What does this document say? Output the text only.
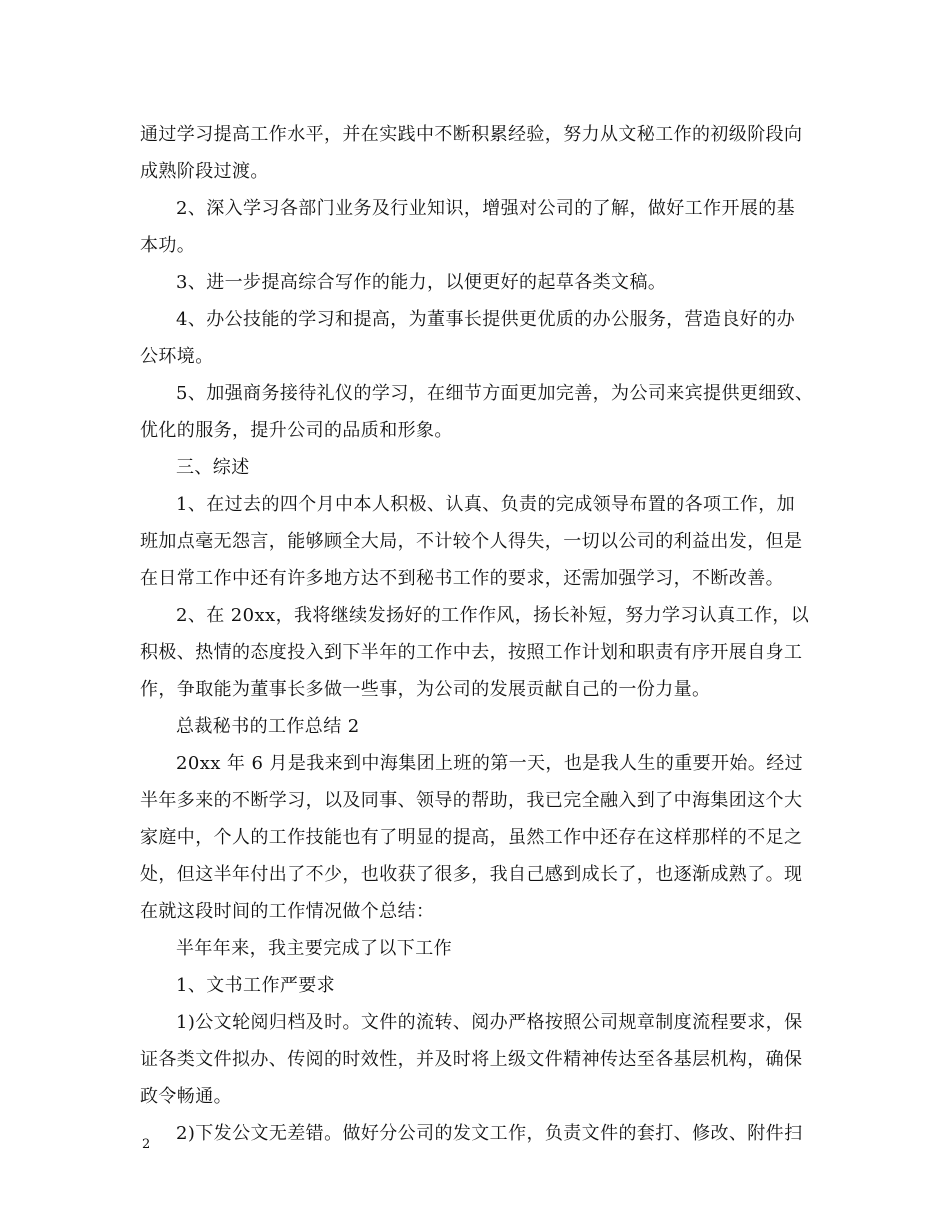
通过学习提高工作水平，并在实践中不断积累经验，努力从文秘工作的初级阶段向
成熟阶段过渡。
2、深入学习各部门业务及行业知识，增强对公司的了解，做好工作开展的基
本功。
3、进一步提高综合写作的能力，以便更好的起草各类文稿。
4、办公技能的学习和提高，为董事长提供更优质的办公服务，营造良好的办
公环境。
5、加强商务接待礼仪的学习，在细节方面更加完善，为公司来宾提供更细致、
优化的服务，提升公司的品质和形象。
三、综述
1、在过去的四个月中本人积极、认真、负责的完成领导布置的各项工作，加
班加点毫无怨言，能够顾全大局，不计较个人得失，一切以公司的利益出发，但是
在日常工作中还有许多地方达不到秘书工作的要求，还需加强学习，不断改善。
2、在 20xx，我将继续发扬好的工作作风，扬长补短，努力学习认真工作，以
积极、热情的态度投入到下半年的工作中去，按照工作计划和职责有序开展自身工
作，争取能为董事长多做一些事，为公司的发展贡献自己的一份力量。
总裁秘书的工作总结 2
20xx 年 6 月是我来到中海集团上班的第一天，也是我人生的重要开始。经过
半年多来的不断学习，以及同事、领导的帮助，我已完全融入到了中海集团这个大
家庭中，个人的工作技能也有了明显的提高，虽然工作中还存在这样那样的不足之
处，但这半年付出了不少，也收获了很多，我自己感到成长了，也逐渐成熟了。现
在就这段时间的工作情况做个总结：
半年年来，我主要完成了以下工作
1、文书工作严要求
1)公文轮阅归档及时。文件的流转、阅办严格按照公司规章制度流程要求，保
证各类文件拟办、传阅的时效性，并及时将上级文件精神传达至各基层机构，确保
政令畅通。
2)下发公文无差错。做好分公司的发文工作，负责文件的套打、修改、附件扫
2
